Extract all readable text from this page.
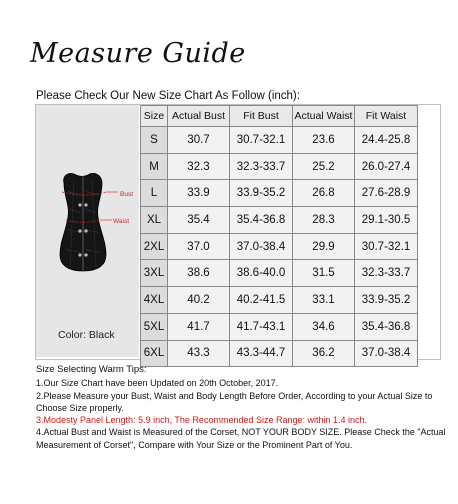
Measure Guide
Please Check Our New Size Chart As Follow (inch):
Bust
Waist
Color: Black
Size	Actual Bust	Fit Bust	Actual Waist	Fit Waist
S	30.7	30.7-32.1	23.6	24.4-25.8
M	32.3	32.3-33.7	25.2	26.0-27.4
L	33.9	33.9-35.2	26.8	27.6-28.9
XL	35.4	35.4-36.8	28.3	29.1-30.5
2XL	37.0	37.0-38.4	29.9	30.7-32.1
3XL	38.6	38.6-40.0	31.5	32.3-33.7
4XL	40.2	40.2-41.5	33.1	33.9-35.2
5XL	41.7	41.7-43.1	34.6	35.4-36.8
6XL	43.3	43.3-44.7	36.2	37.0-38.4
Size Selecting Warm Tips:
1.Our Size Chart have been Updated on 20th October, 2017.
2.Please Measure your Bust, Waist and Body Length Before Order, According to your Actual Size to Choose Size properly.
3.Modesty Panel Length: 5.9 inch, The Recommended Size Range: within 1.4 inch.
4.Actual Bust and Waist is Measured of the Corset, NOT YOUR BODY SIZE. Please Check the "Actual Measurement of Corset", Compare with Your Size or the Prominent Part of You.
